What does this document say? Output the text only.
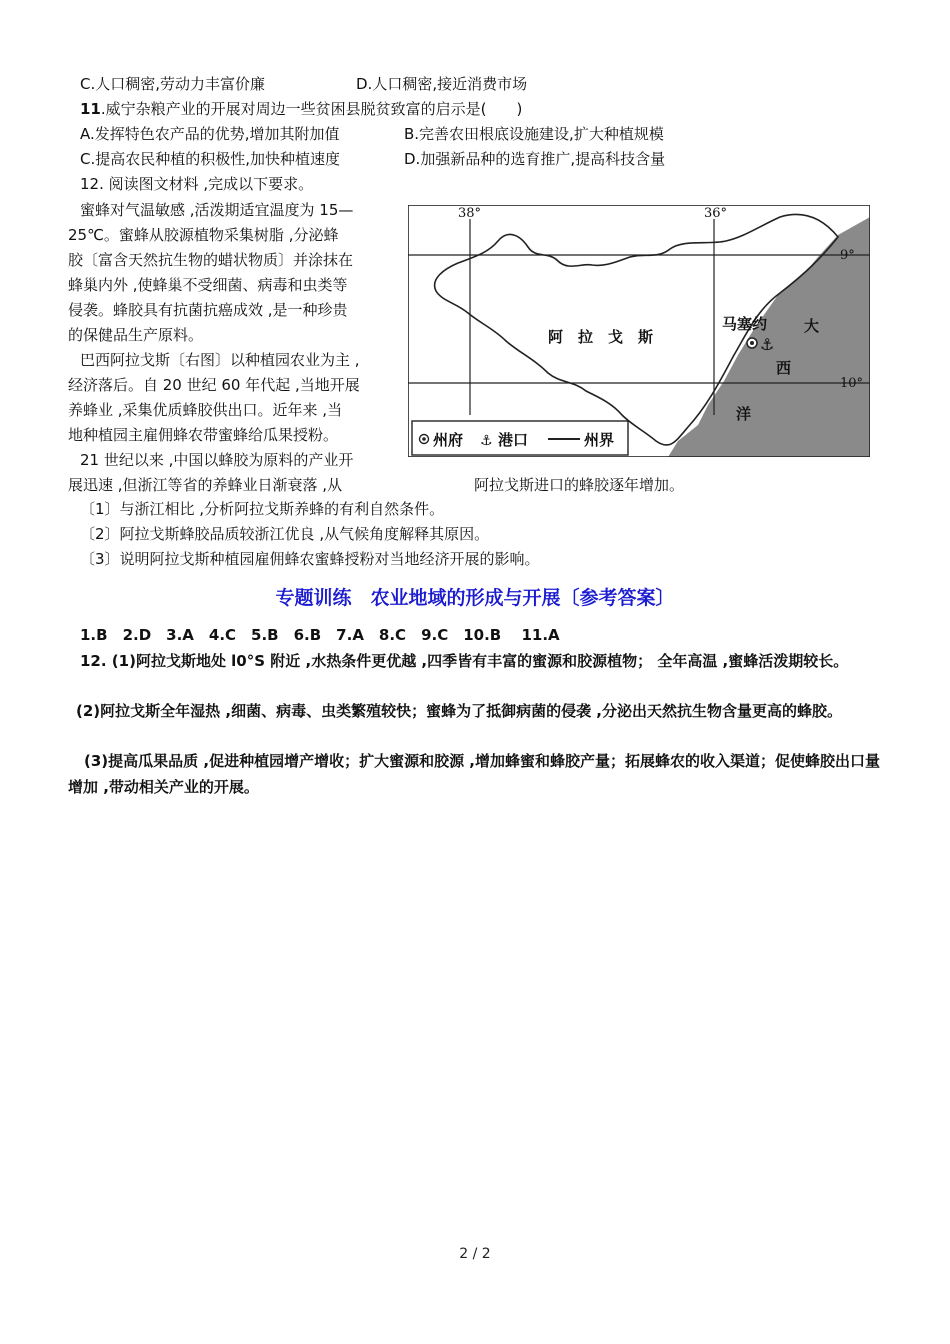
C.人口稠密,劳动力丰富价廉	D.人口稠密,接近消费市场
11.威宁杂粮产业的开展对周边一些贫困县脱贫致富的启示是(　　)
A.发挥特色农产品的优势,增加其附加值	B.完善农田根底设施建设,扩大种植规模
C.提高农民种植的积极性,加快种植速度	D.加强新品种的选育推广,提高科技含量
12. 阅读图文材料 ,完成以下要求。
蜜蜂对气温敏感 ,活泼期适宜温度为 15—
25℃。蜜蜂从胶源植物采集树脂 ,分泌蜂
胶〔富含天然抗生物的蜡状物质〕并涂抹在
蜂巢内外 ,使蜂巢不受细菌、病毒和虫类等
侵袭。蜂胶具有抗菌抗癌成效 ,是一种珍贵
的保健品生产原料。
巴西阿拉戈斯〔右图〕以种植园农业为主 ,
经济落后。自 20 世纪 60 年代起 ,当地开展
养蜂业 ,采集优质蜂胶供出口。近年来 ,当
地种植园主雇佣蜂农带蜜蜂给瓜果授粉。
21 世纪以来 ,中国以蜂胶为原料的产业开
展迅速 ,但浙江等省的养蜂业日渐衰落 ,从	阿拉戈斯进口的蜂胶逐年增加。
⚓
38°	36°
9°
10°
阿　拉　戈　斯
马塞约 大
西
洋
州府 ⚓ 港口	州界
〔1〕与浙江相比 ,分析阿拉戈斯养蜂的有利自然条件。
〔2〕阿拉戈斯蜂胶品质较浙江优良 ,从气候角度解释其原因。
〔3〕说明阿拉戈斯种植园雇佣蜂农蜜蜂授粉对当地经济开展的影响。
专题训练　农业地域的形成与开展〔参考答案〕
1.B　2.D　3.A　4.C　5.B　6.B　7.A　8.C　9.C　10.B　 11.A
12. (1)阿拉戈斯地处 l0°S 附近 ,水热条件更优越 ,四季皆有丰富的蜜源和胶源植物； 全年高温 ,蜜蜂活泼期较长。
(2)阿拉戈斯全年湿热 ,细菌、病毒、虫类繁殖较快；蜜蜂为了抵御病菌的侵袭 ,分泌出天然抗生物含量更高的蜂胶。
(3)提高瓜果品质 ,促进种植园增产增收；扩大蜜源和胶源 ,增加蜂蜜和蜂胶产量；拓展蜂农的收入渠道；促使蜂胶出口量增加 ,带动相关产业的开展。
2 / 2
